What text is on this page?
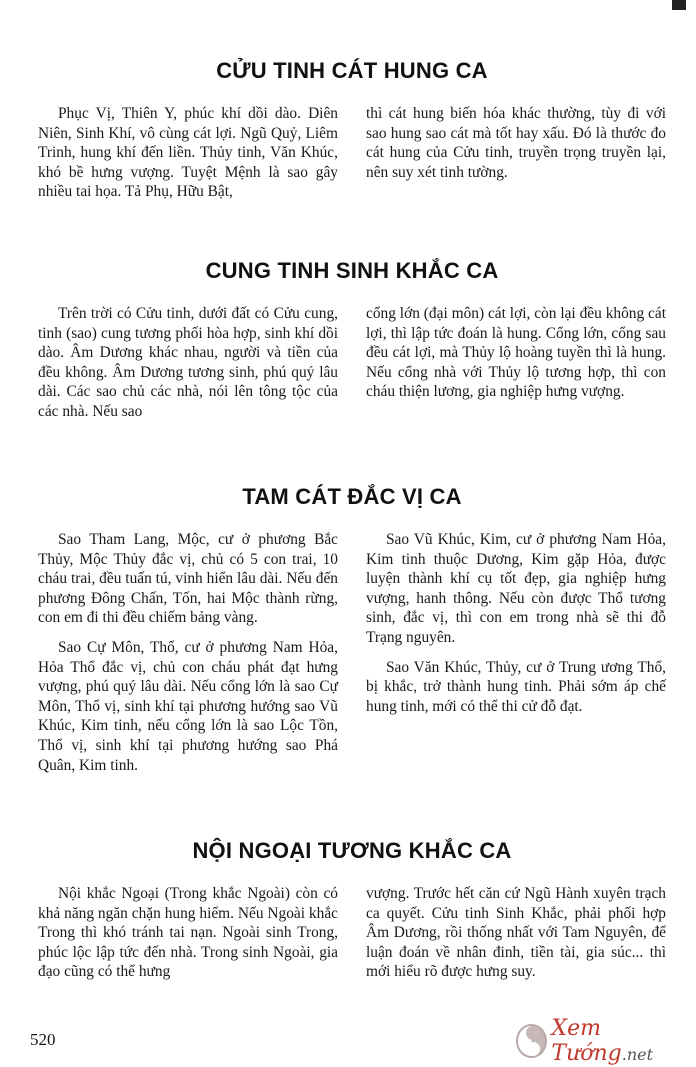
CỬU TINH CÁT HUNG CA

Phục Vị, Thiên Y, phúc khí dồi dào. Diên Niên, Sinh Khí, vô cùng cát lợi. Ngũ Quỷ, Liêm Trinh, hung khí đến liền. Thủy tinh, Văn Khúc, khó bề hưng vượng. Tuyệt Mệnh là sao gây nhiều tai họa. Tả Phụ, Hữu Bật,

thì cát hung biến hóa khác thường, tùy đi với sao hung sao cát mà tốt hay xấu. Đó là thước đo cát hung của Cửu tinh, truyền trọng truyền lại, nên suy xét tinh tường.

CUNG TINH SINH KHẮC CA

Trên trời có Cửu tinh, dưới đất có Cửu cung, tinh (sao) cung tương phối hòa hợp, sinh khí dồi dào. Âm Dương khác nhau, người và tiền của đều không. Âm Dương tương sinh, phú quý lâu dài. Các sao chủ các nhà, nói lên tông tộc của các nhà. Nếu sao

cổng lớn (đại môn) cát lợi, còn lại đều không cát lợi, thì lập tức đoán là hung. Cổng lớn, cổng sau đều cát lợi, mà Thủy lộ hoàng tuyền thì là hung. Nếu cổng nhà với Thủy lộ tương hợp, thì con cháu thiện lương, gia nghiệp hưng vượng.

TAM CÁT ĐẮC VỊ CA

Sao Tham Lang, Mộc, cư ở phương Bắc Thủy, Mộc Thủy đắc vị, chủ có 5 con trai, 10 cháu trai, đều tuấn tú, vinh hiển lâu dài. Nếu đến phương Đông Chấn, Tốn, hai Mộc thành rừng, con em đi thi đều chiếm bảng vàng.

Sao Cự Môn, Thổ, cư ở phương Nam Hỏa, Hỏa Thổ đắc vị, chủ con cháu phát đạt hưng vượng, phú quý lâu dài. Nếu cổng lớn là sao Cự Môn, Thổ vị, sinh khí tại phương hướng sao Vũ Khúc, Kim tinh, nếu cổng lớn là sao Lộc Tồn, Thổ vị, sinh khí tại phương hướng sao Phá Quân, Kim tinh.

Sao Vũ Khúc, Kim, cư ở phương Nam Hỏa, Kim tinh thuộc Dương, Kim gặp Hỏa, được luyện thành khí cụ tốt đẹp, gia nghiệp hưng vượng, hanh thông. Nếu còn được Thổ tương sinh, đắc vị, thì con em trong nhà sẽ thi đỗ Trạng nguyên.

Sao Văn Khúc, Thủy, cư ở Trung ương Thổ, bị khắc, trở thành hung tinh. Phải sớm áp chế hung tinh, mới có thể thi cử đỗ đạt.

NỘI NGOẠI TƯƠNG KHẮC CA

Nội khắc Ngoại (Trong khắc Ngoài) còn có khả năng ngăn chặn hung hiểm. Nếu Ngoài khắc Trong thì khó tránh tai nạn. Ngoài sinh Trong, phúc lộc lập tức đến nhà. Trong sinh Ngoài, gia đạo cũng có thể hưng

vượng. Trước hết căn cứ Ngũ Hành xuyên trạch ca quyết. Cửu tinh Sinh Khắc, phải phối hợp Âm Dương, rồi thống nhất với Tam Nguyên, để luận đoán về nhân đinh, tiền tài, gia súc... thì mới hiểu rõ được hưng suy.

520	Xem Tướng.net
